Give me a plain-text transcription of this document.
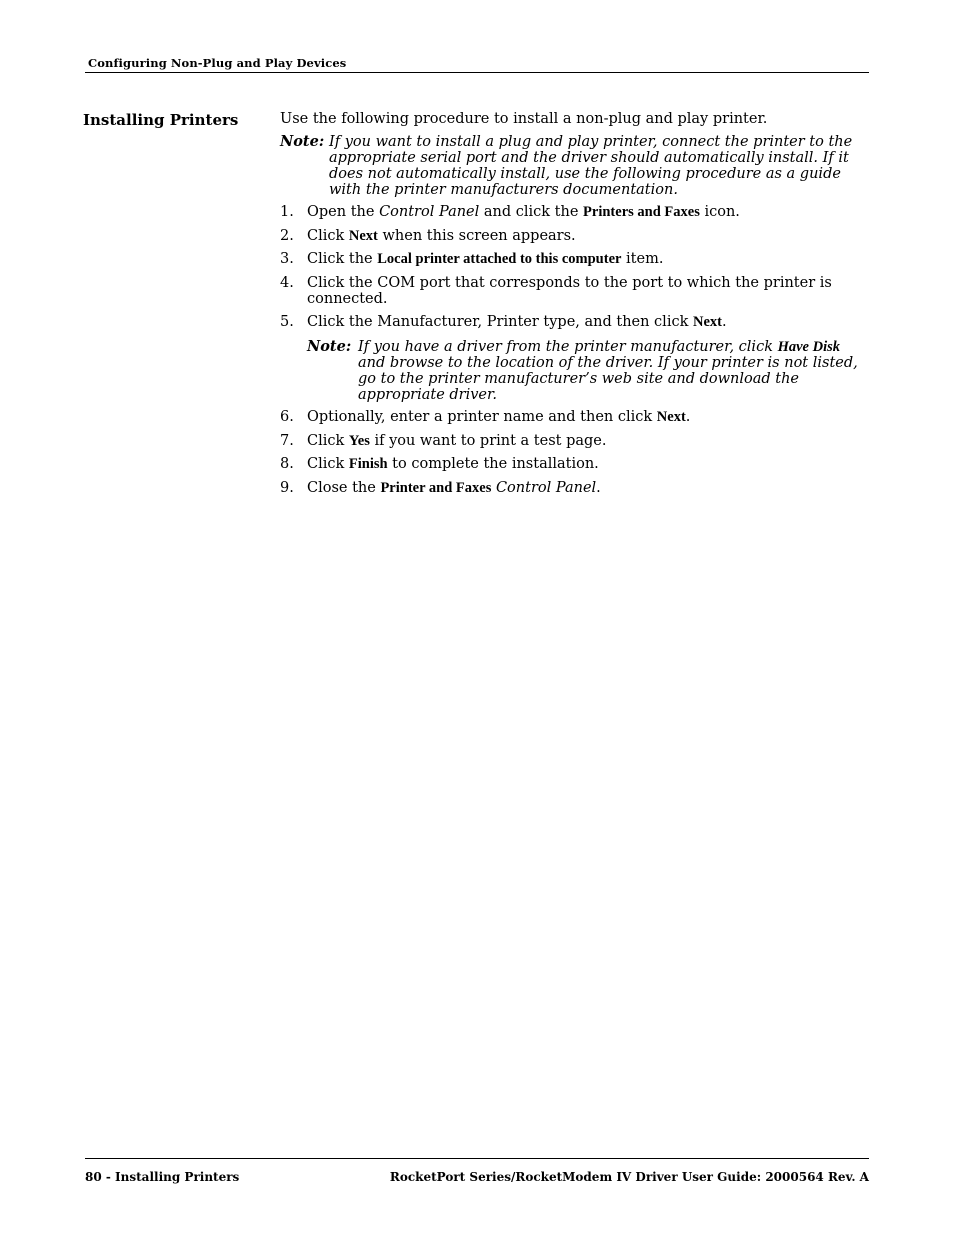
Configuring Non-Plug and Play Devices
Installing Printers	Use the following procedure to install a non-plug and play printer.

Note: If you want to install a plug and play printer, connect the printer to the appropriate serial port and the driver should automatically install. If it does not automatically install, use the following procedure as a guide with the printer manufacturers documentation.
1. Open the Control Panel and click the Printers and Faxes icon.
2. Click Next when this screen appears.
3. Click the Local printer attached to this computer item.
4. Click the COM port that corresponds to the port to which the printer is connected.
5. Click the Manufacturer, Printer type, and then click Next.
Note: If you have a driver from the printer manufacturer, click Have Disk and browse to the location of the driver. If your printer is not listed, go to the printer manufacturer’s web site and download the appropriate driver.
6. Optionally, enter a printer name and then click Next.
7. Click Yes if you want to print a test page.
8. Click Finish to complete the installation.
9. Close the Printer and Faxes Control Panel.
80 - Installing Printers	RocketPort Series/RocketModem IV Driver User Guide: 2000564 Rev. A
